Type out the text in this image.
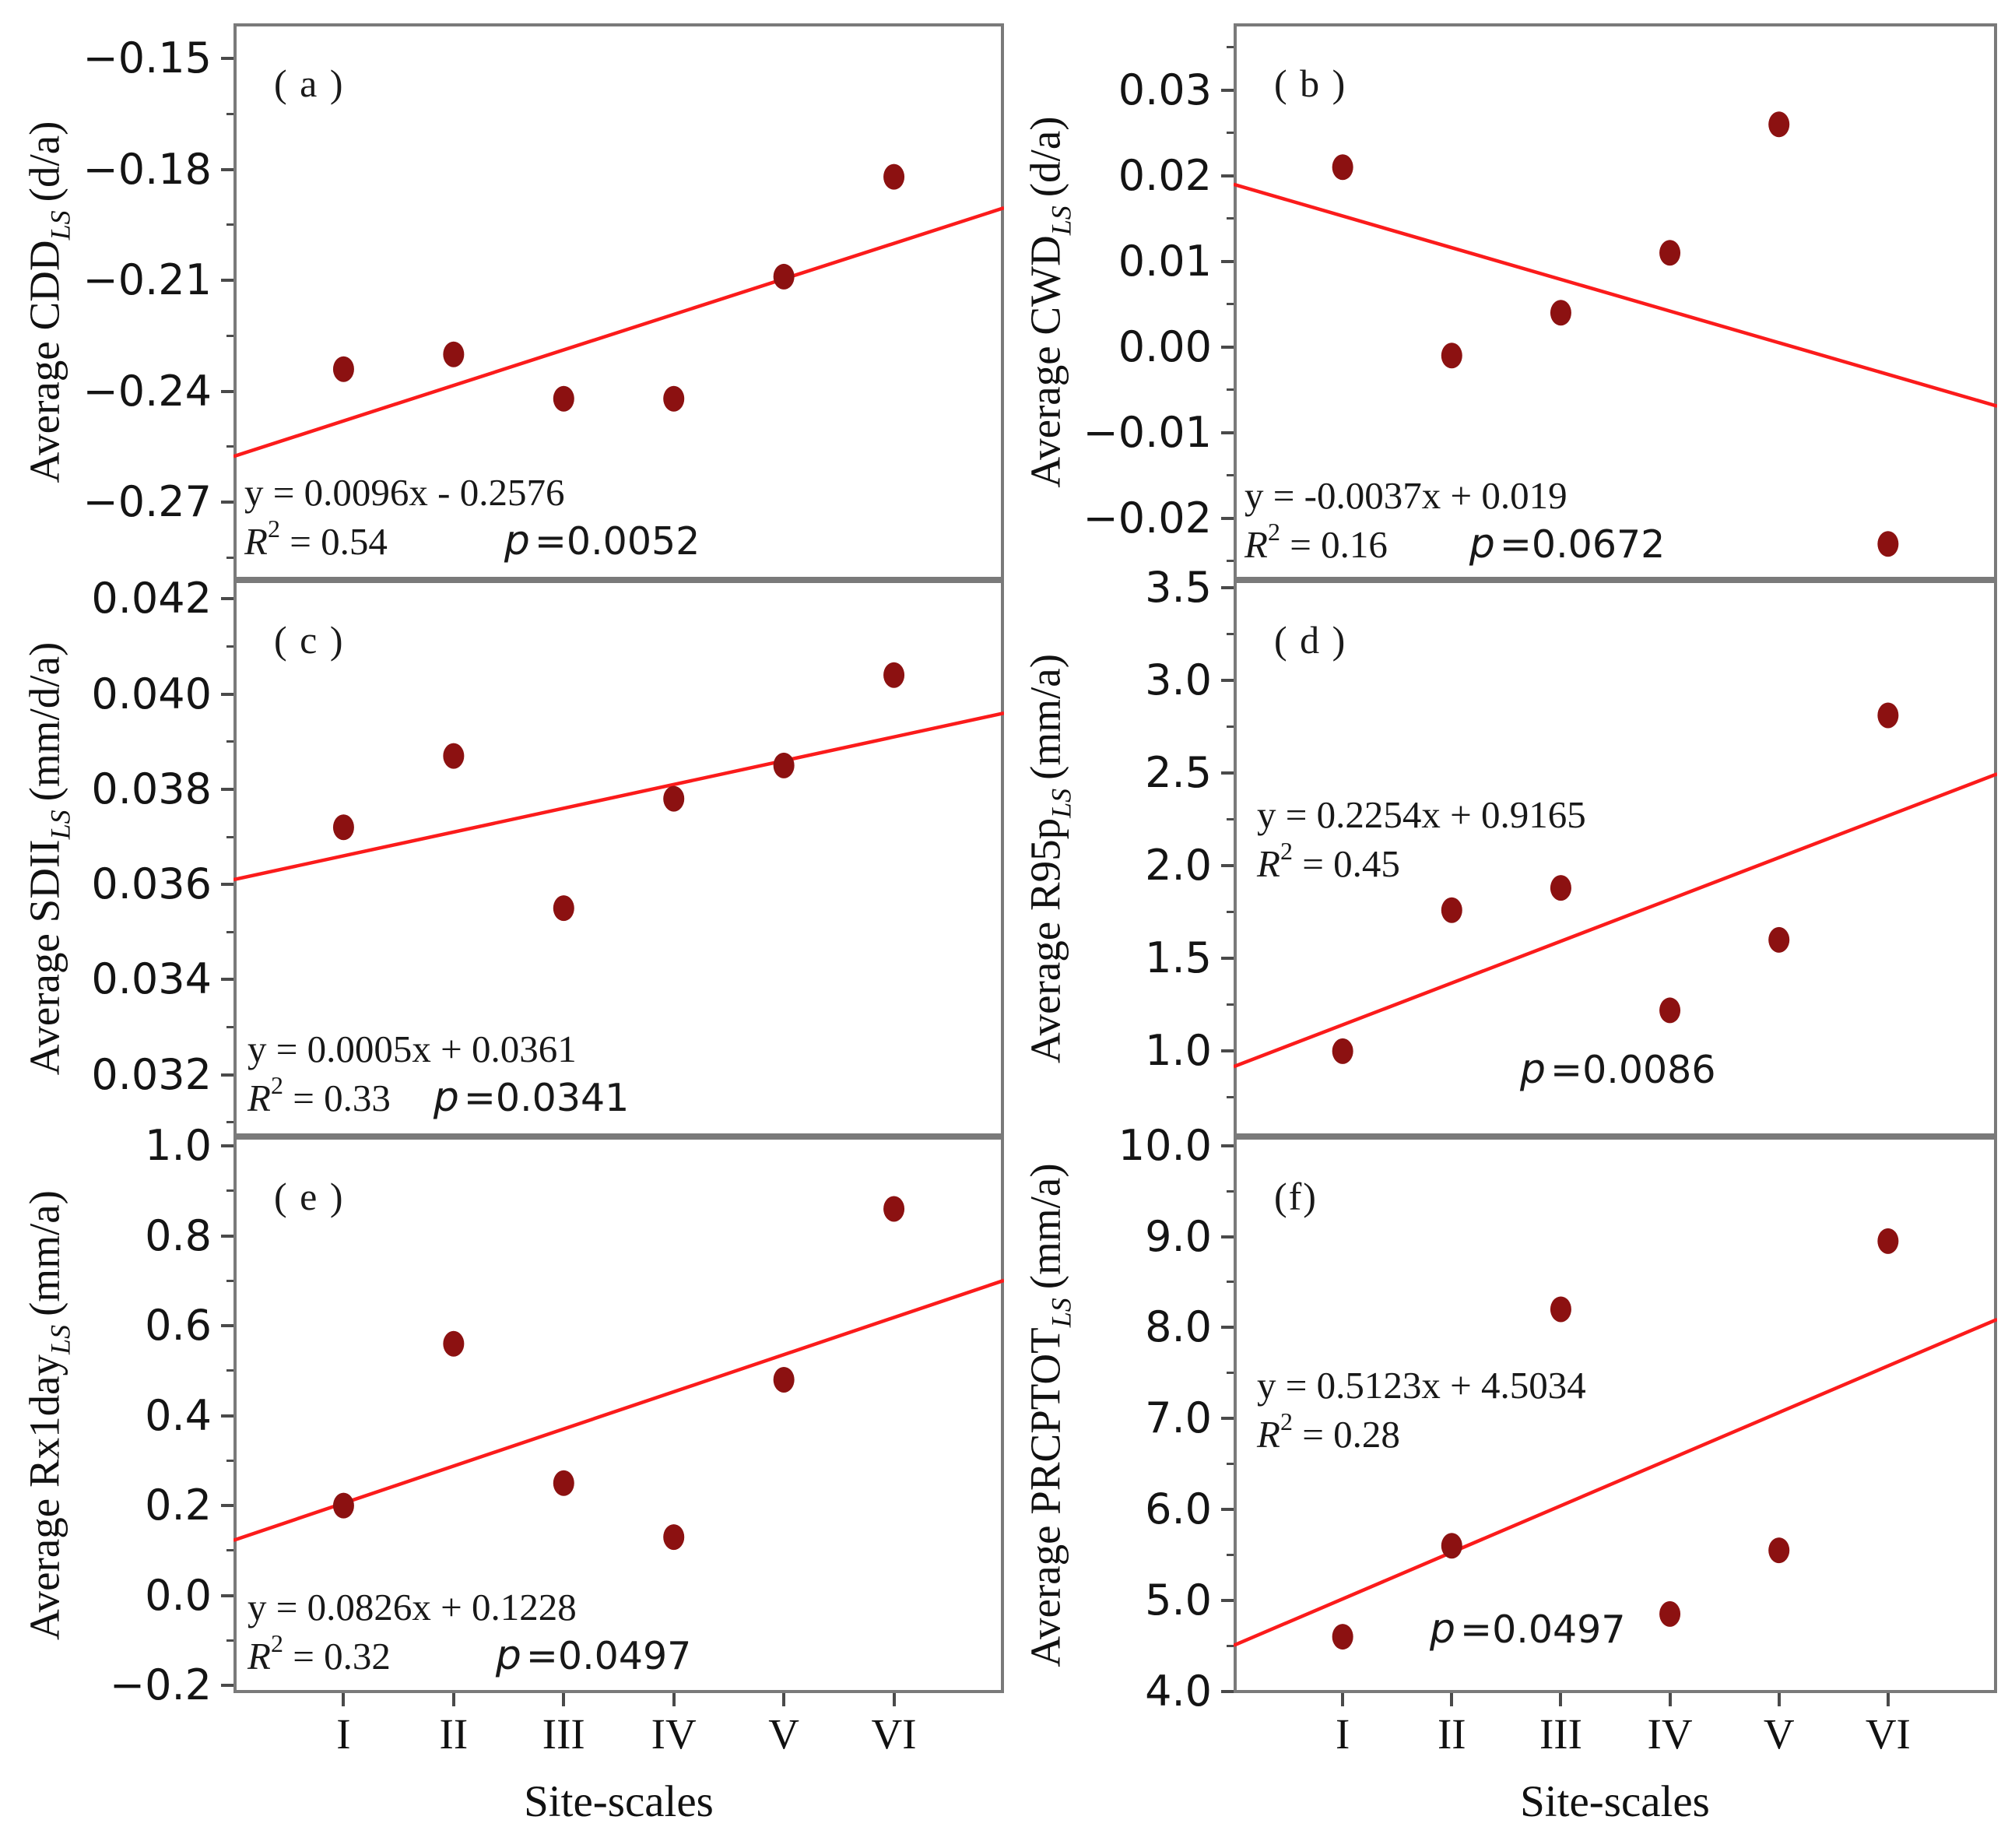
Site-scales	Site-scales
−0.15
−0.18
−0.21
−0.24
−0.27
Average $CDD_{LS}$ (d/a)
( a )
y = 0.0096x - 0.2576
$R^2 = 0.54$	p =0.0052
0.03
0.02
0.01
0.00
−0.01
−0.02
Average $CWD_{LS}$ (d/a)
( b )
y = -0.0037x + 0.019
$R^2 = 0.16$ p =0.0672
0.042
0.040
0.038
0.036
0.034
0.032
Average $SDII_{LS}$ (mm/d/a)
( c )
y = 0.0005x + 0.0361
$R^2 = 0.33$ p =0.0341
3.5
3.0
2.5
2.0
1.5
1.0
Average $R95p_{LS}$ (mm/a)
( d )
y = 0.2254x + 0.9165
$R^2 = 0.45$
p =0.0086
1.0
0.8
0.6
0.4
0.2
0.0
−0.2
Average Rx1day$_{LS}$ (mm/a)	( e )
y = 0.0826x + 0.1228
$R^2 = 0.32$	p =0.0497
10.0
9.0
8.0
7.0
6.0
5.0
4.0
Average $PRCPTOT_{LS}$ (mm/a)	(f)
y = 0.5123x + 4.5034
$R^2 = 0.28$
p =0.0497
I	II	III	IV	V	VI	I	II	III	IV	V	VI
